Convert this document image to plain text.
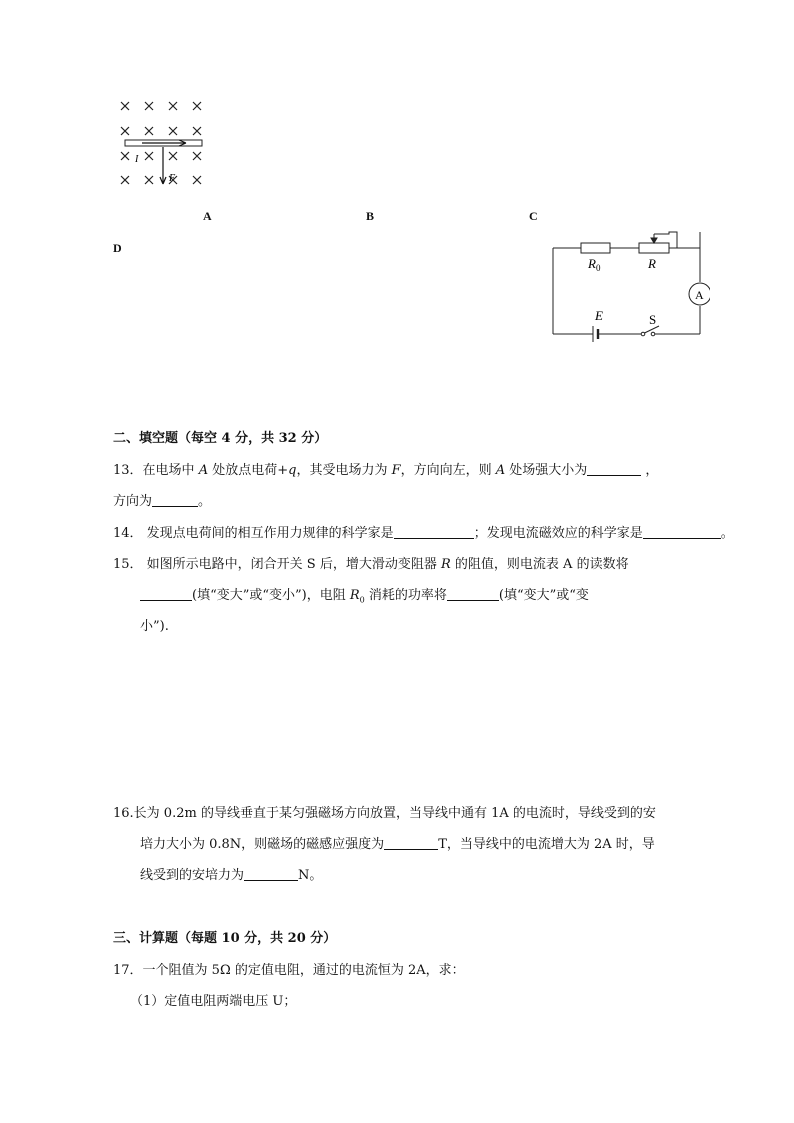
I
F
A	B	C
D
A
$R_0$	R
E	S
二、填空题（每空 4 分，共 32 分）
13．在电场中 A 处放点电荷+q，其受电场力为 F，方向向左，则 A 处场强大小为	，
方向为	。
14． 发现点电荷间的相互作用力规律的科学家是	；发现电流磁效应的科学家是	。
15． 如图所示电路中，闭合开关 S 后，增大滑动变阻器 R 的阻值，则电流表 A 的读数将
(填“变大”或“变小”)，电阻 $R_0$ 消耗的功率将	(填“变大”或“变
小”).
16.长为 0.2m 的导线垂直于某匀强磁场方向放置，当导线中通有 1A 的电流时，导线受到的安
培力大小为 0.8N，则磁场的磁感应强度为	T，当导线中的电流增大为 2A 时，导
线受到的安培力为	N。
三、计算题（每题 10 分，共 20 分）
17．一个阻值为 5Ω 的定值电阻，通过的电流恒为 2A，求：
（1）定值电阻两端电压 U；
